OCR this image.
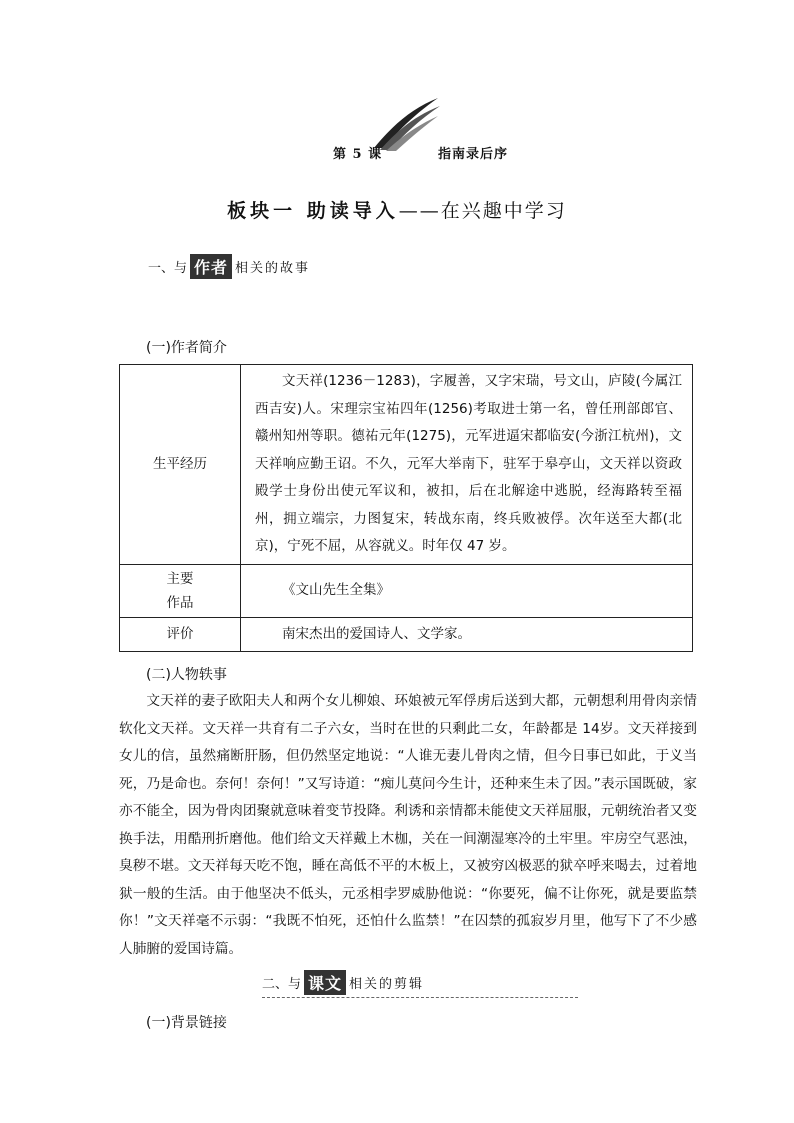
第 5 课	指南录后序
板块一 助读导入——在兴趣中学习
一、与 作者 相关的故事
(一)作者简介
生平经历	文天祥(1236－1283)，字履善，又字宋瑞，号文山，庐陵(今属江西吉安)人。宋理宗宝祐四年(1256)考取进士第一名，曾任刑部郎官、赣州知州等职。德祐元年(1275)，元军进逼宋都临安(今浙江杭州)，文天祥响应勤王诏。不久，元军大举南下，驻军于皋亭山，文天祥以资政殿学士身份出使元军议和，被扣，后在北解途中逃脱，经海路转至福州，拥立端宗，力图复宋，转战东南，终兵败被俘。次年送至大都(北京)，宁死不屈，从容就义。时年仅 47 岁。

主要
作品	《文山先生全集》

评价	南宋杰出的爱国诗人、文学家。
(二)人物轶事
文天祥的妻子欧阳夫人和两个女儿柳娘、环娘被元军俘虏后送到大都，元朝想利用骨肉亲情软化文天祥。文天祥一共育有二子六女，当时在世的只剩此二女，年龄都是 14岁。文天祥接到女儿的信，虽然痛断肝肠，但仍然坚定地说：“人谁无妻儿骨肉之情，但今日事已如此，于义当死，乃是命也。奈何！奈何！”又写诗道：“痴儿莫问今生计，还种来生未了因。”表示国既破，家亦不能全，因为骨肉团聚就意味着变节投降。利诱和亲情都未能使文天祥屈服，元朝统治者又变换手法，用酷刑折磨他。他们给文天祥戴上木枷，关在一间潮湿寒冷的土牢里。牢房空气恶浊，臭秽不堪。文天祥每天吃不饱，睡在高低不平的木板上，又被穷凶极恶的狱卒呼来喝去，过着地狱一般的生活。由于他坚决不低头，元丞相孛罗威胁他说：“你要死，偏不让你死，就是要监禁你！”文天祥毫不示弱：“我既不怕死，还怕什么监禁！”在囚禁的孤寂岁月里，他写下了不少感人肺腑的爱国诗篇。
二、与 课文 相关的剪辑
(一)背景链接
